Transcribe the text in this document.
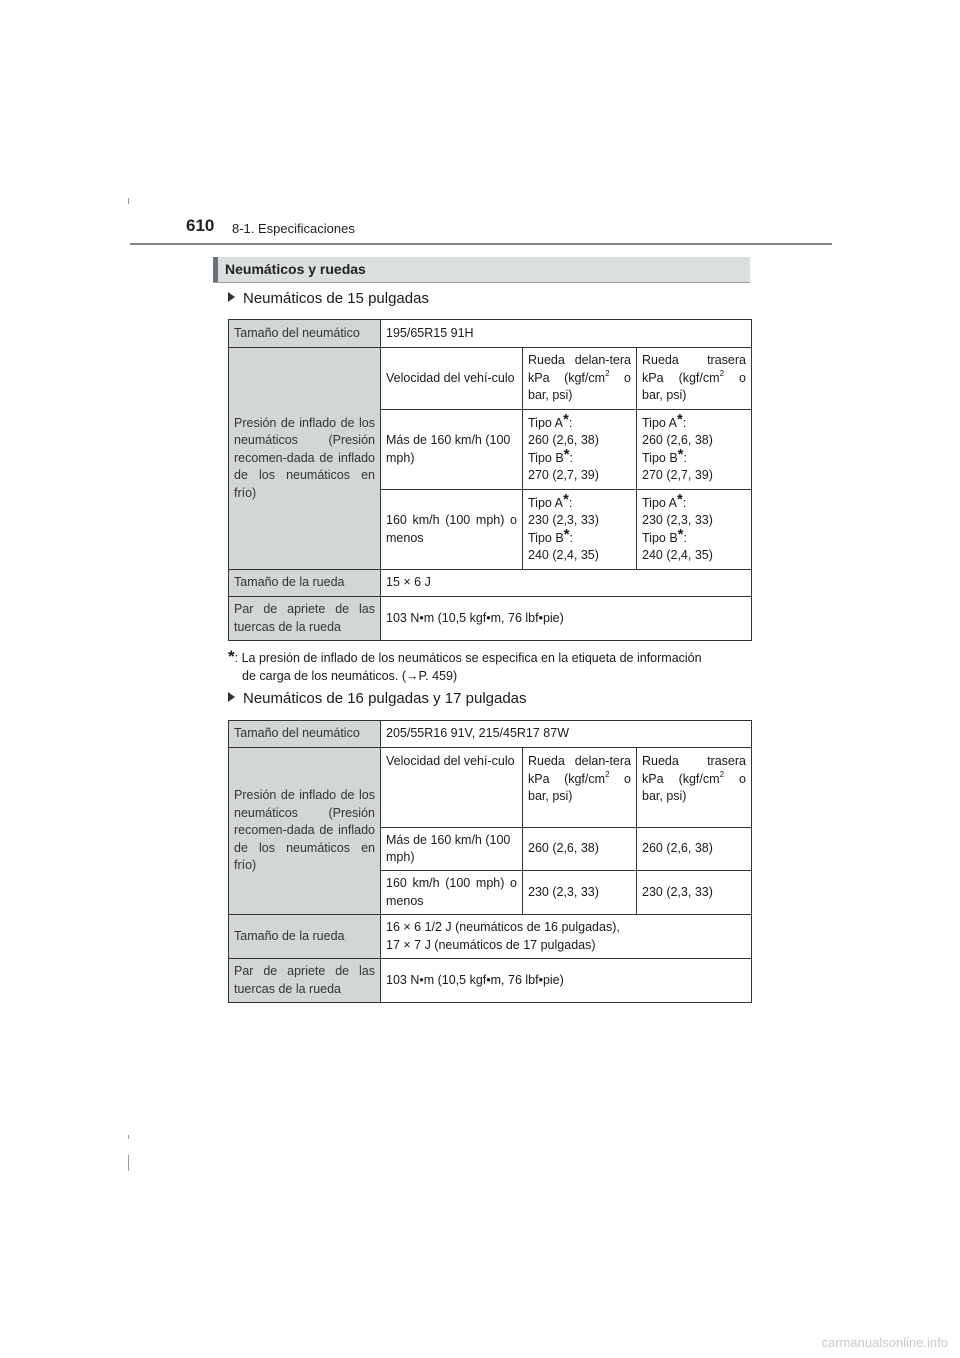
610 8-1. Especificaciones
Neumáticos y ruedas
Neumáticos de 15 pulgadas
Tamaño del neumático	195/65R15 91H		
Presión de inflado de los neumáticos (Presión recomen-dada de inflado de los neumáticos en frío)	Velocidad del vehí-culo	Rueda delan-tera kPa ($kgf/cm^2$ o bar, psi)	Rueda trasera kPa ($kgf/cm^2$ o bar, psi)
	Más de 160 km/h (100 mph)	Tipo A*:
260 (2,6, 38)
Tipo B*:
270 (2,7, 39)	Tipo A*:
260 (2,6, 38)
Tipo B*:
270 (2,7, 39)

	160 km/h (100 mph) o menos	Tipo A*:
230 (2,3, 33)
Tipo B*:
240 (2,4, 35)	Tipo A*:
230 (2,3, 33)
Tipo B*:
240 (2,4, 35)

Tamaño de la rueda	15 × 6 J		
Par de apriete de las tuercas de la rueda	103 N•m (10,5 kgf•m, 76 lbf•pie)		
*: La presión de inflado de los neumáticos se especifica en la etiqueta de información
de carga de los neumáticos. (→P. 459)
Neumáticos de 16 pulgadas y 17 pulgadas
Tamaño del neumático	205/55R16 91V, 215/45R17 87W		
Presión de inflado de los neumáticos (Presión recomen-dada de inflado de los neumáticos en frío)	Velocidad del vehí-culo	Rueda delan-tera kPa ($kgf/cm^2$ o bar, psi)	Rueda trasera kPa ($kgf/cm^2$ o bar, psi)
	Más de 160 km/h (100 mph)	260 (2,6, 38)	260 (2,6, 38)
	160 km/h (100 mph) o menos	230 (2,3, 33)	230 (2,3, 33)
Tamaño de la rueda	16 × 6 1/2 J (neumáticos de 16 pulgadas),
17 × 7 J (neumáticos de 17 pulgadas)		

Par de apriete de las tuercas de la rueda	103 N•m (10,5 kgf•m, 76 lbf•pie)		
carmanualsonline.info
